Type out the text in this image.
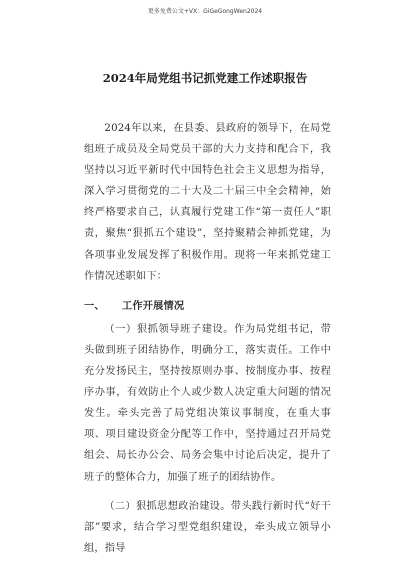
更多免费公文+VX：GiGeGongWen2024
2024年局党组书记抓党建工作述职报告

2024年以来，在县委、县政府的领导下，在局党组班子成员及全局党员干部的大力支持和配合下，我坚持以习近平新时代中国特色社会主义思想为指导，深入学习贯彻党的二十大及二十届三中全会精神，始终严格要求自己，认真履行党建工作“第一责任人”职责，聚焦“狠抓五个建设”，坚持聚精会神抓党建，为各项事业发展发挥了积极作用。现将一年来抓党建工作情况述职如下：

一、 工作开展情况

（一）狠抓领导班子建设。作为局党组书记，带头做到班子团结协作，明确分工，落实责任。工作中充分发扬民主，坚持按原则办事、按制度办事、按程序办事，有效防止个人或少数人决定重大问题的情况发生。牵头完善了局党组决策议事制度，在重大事项、项目建设资金分配等工作中，坚持通过召开局党组会、局长办公会、局务会集中讨论后决定，提升了班子的整体合力，加强了班子的团结协作。

（二）狠抓思想政治建设。带头践行新时代“好干部”要求，结合学习型党组织建设，牵头成立领导小组，指导
